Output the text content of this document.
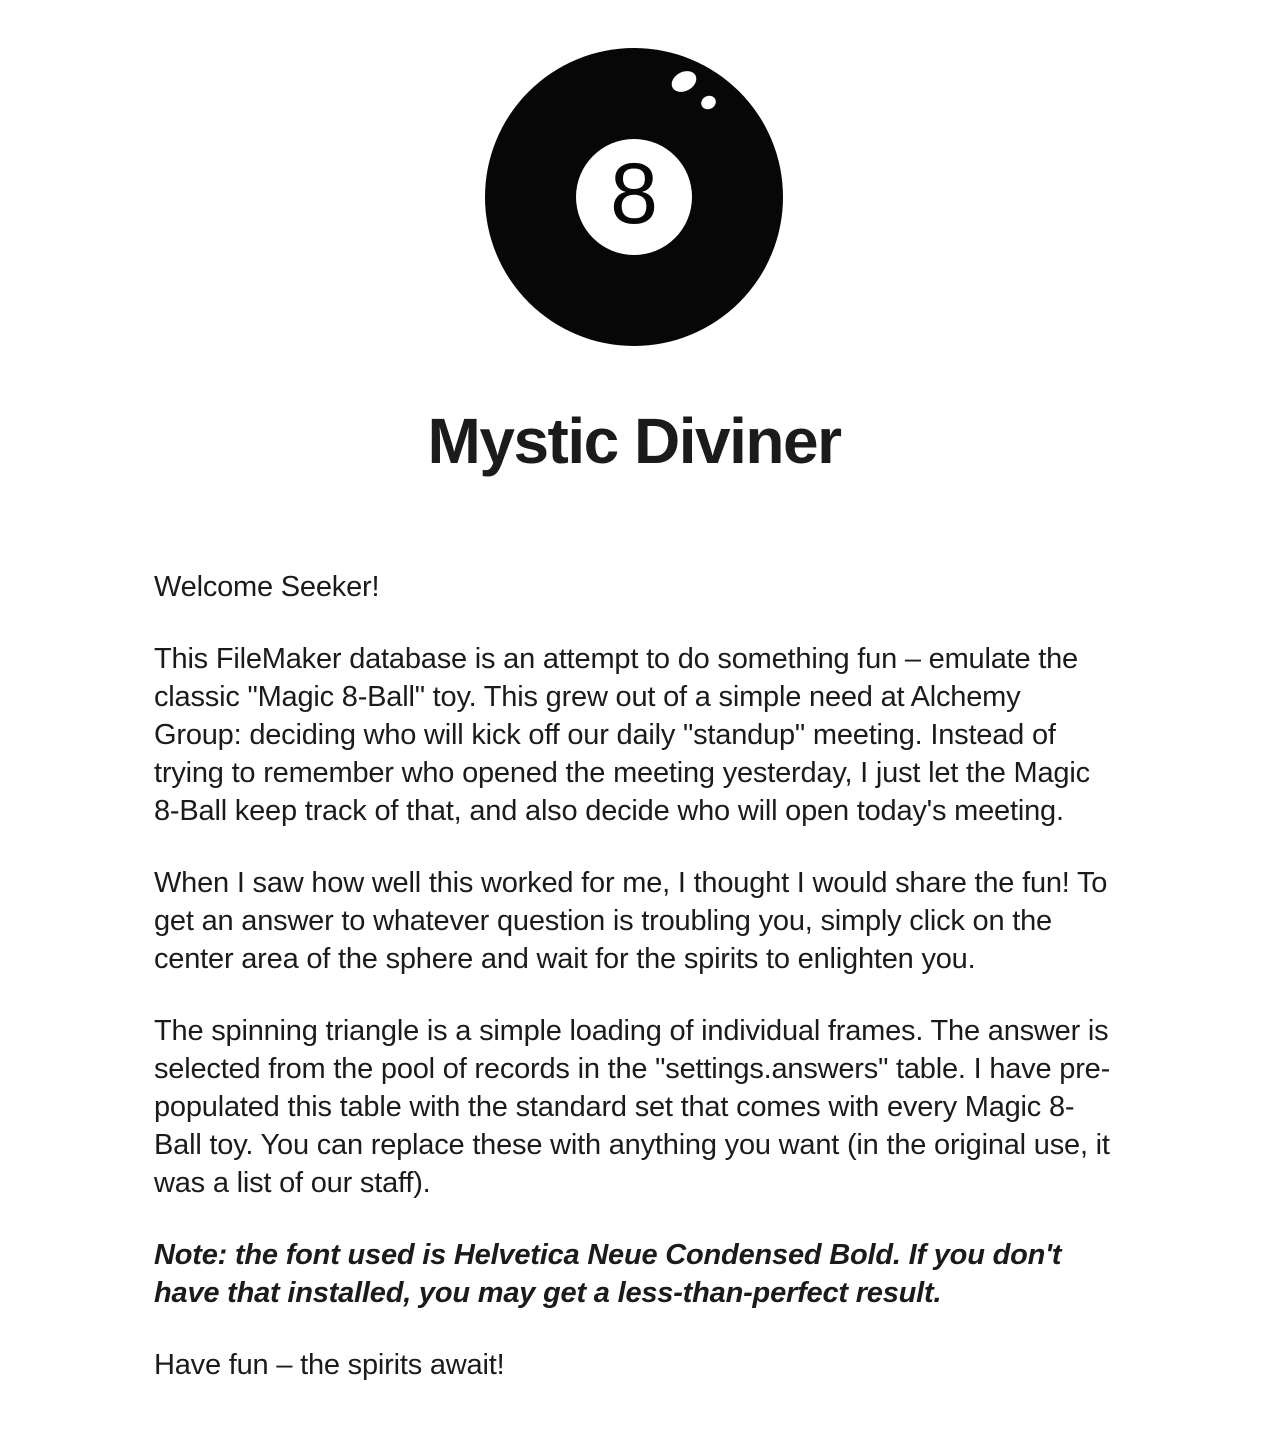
8
Mystic Diviner

Welcome Seeker!

This FileMaker database is an attempt to do something fun – emulate the classic "Magic 8-Ball" toy. This grew out of a simple need at Alchemy Group: deciding who will kick off our daily "standup" meeting. Instead of trying to remember who opened the meeting yesterday, I just let the Magic 8-Ball keep track of that, and also decide who will open today's meeting.

When I saw how well this worked for me, I thought I would share the fun! To get an answer to whatever question is troubling you, simply click on the center area of the sphere and wait for the spirits to enlighten you.

The spinning triangle is a simple loading of individual frames. The answer is selected from the pool of records in the "settings.answers" table. I have pre-populated this table with the standard set that comes with every Magic 8-Ball toy. You can replace these with anything you want (in the original use, it was a list of our staff).

Note: the font used is Helvetica Neue Condensed Bold. If you don't have that installed, you may get a less-than-perfect result.

Have fun – the spirits await!
